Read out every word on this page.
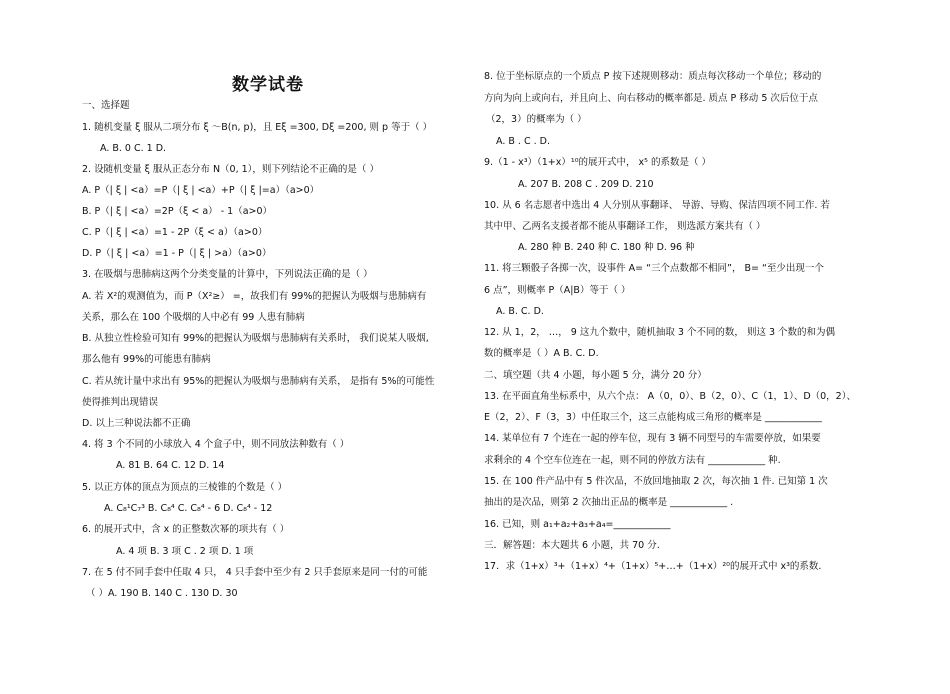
数学试卷
一、选择题
1. 随机变量 ξ 服从二项分布 ξ ～B(n, p)，且 Eξ =300, Dξ =200, 则 p 等于（ ）
A. B. 0 C. 1 D.
2. 设随机变量 ξ 服从正态分布 N（0, 1），则下列结论不正确的是（ ）
A. P（| ξ | <a）=P（| ξ | <a）+P（| ξ |=a）（a>0）
B. P（| ξ | <a）=2P（ξ < a） - 1（a>0）
C. P（| ξ | <a）=1 - 2P（ξ < a）（a>0）
D. P（| ξ | <a）=1 - P（| ξ | >a）（a>0）
3. 在吸烟与患肺病这两个分类变量的计算中，下列说法正确的是（ ）
A. 若 X²的观测值为，而 P（X²≥） =，故我们有 99%的把握认为吸烟与患肺病有
关系，那么在 100 个吸烟的人中必有 99 人患有肺病
B. 从独立性检验可知有 99%的把握认为吸烟与患肺病有关系时， 我们说某人吸烟,
那么他有 99%的可能患有肺病
C. 若从统计量中求出有 95%的把握认为吸烟与患肺病有关系， 是指有 5%的可能性
使得推判出现错误
D. 以上三种说法都不正确
4. 将 3 个不同的小球放入 4 个盒子中，则不同放法种数有（ ）
A. 81 B. 64 C. 12 D. 14
5. 以正方体的顶点为顶点的三棱锥的个数是（ ）
A. C₈¹C₇³ B. C₈⁴ C. C₈⁴ - 6 D. C₈⁴ - 12
6. 的展开式中，含 x 的正整数次幂的项共有（ ）
A. 4 项 B. 3 项 C . 2 项 D. 1 项
7. 在 5 付不同手套中任取 4 只， 4 只手套中至少有 2 只手套原来是同一付的可能
（ ）A. 190 B. 140 C . 130 D. 30
8. 位于坐标原点的一个质点 P 按下述规则移动：质点每次移动一个单位；移动的
方向为向上或向右，并且向上、向右移动的概率都是. 质点 P 移动 5 次后位于点
（2，3）的概率为（ ）
A. B . C . D.
9.（1 - x³）（1+x）¹⁰的展开式中， x⁵ 的系数是（ ）
A. 207 B. 208 C . 209 D. 210
10. 从 6 名志愿者中选出 4 人分别从事翻译、 导游、导购、保洁四项不同工作. 若
其中甲、乙两名支援者都不能从事翻译工作， 则选派方案共有（ ）
A. 280 种 B. 240 种 C. 180 种 D. 96 种
11. 将三颗骰子各掷一次，设事件 A= “三个点数都不相同”， B= “至少出现一个
6 点”，则概率 P（A|B）等于（ ）
A. B. C. D.
12. 从 1，2， …， 9 这九个数中，随机抽取 3 个不同的数， 则这 3 个数的和为偶
数的概率是（ ）A B. C. D.
二、填空题（共 4 小题，每小题 5 分，满分 20 分）
13. 在平面直角坐标系中，从六个点： A（0，0）、B（2，0）、C（1，1）、D（0，2）、
E（2，2）、F（3，3）中任取三个，这三点能构成三角形的概率是 ____________
14. 某单位有 7 个连在一起的停车位，现有 3 辆不同型号的车需要停放，如果要
求剩余的 4 个空车位连在一起，则不同的停放方法有 ____________ 种.
15. 在 100 件产品中有 5 件次品，不放回地抽取 2 次，每次抽 1 件. 已知第 1 次
抽出的是次品，则第 2 次抽出正品的概率是 ____________ .
16. 已知，则 a₁+a₂+a₃+a₄=____________
三．解答题：本大题共 6 小题，共 70 分.
17．求（1+x）³+（1+x）⁴+（1+x）⁵+…+（1+x）²⁰的展开式中 x³的系数.
